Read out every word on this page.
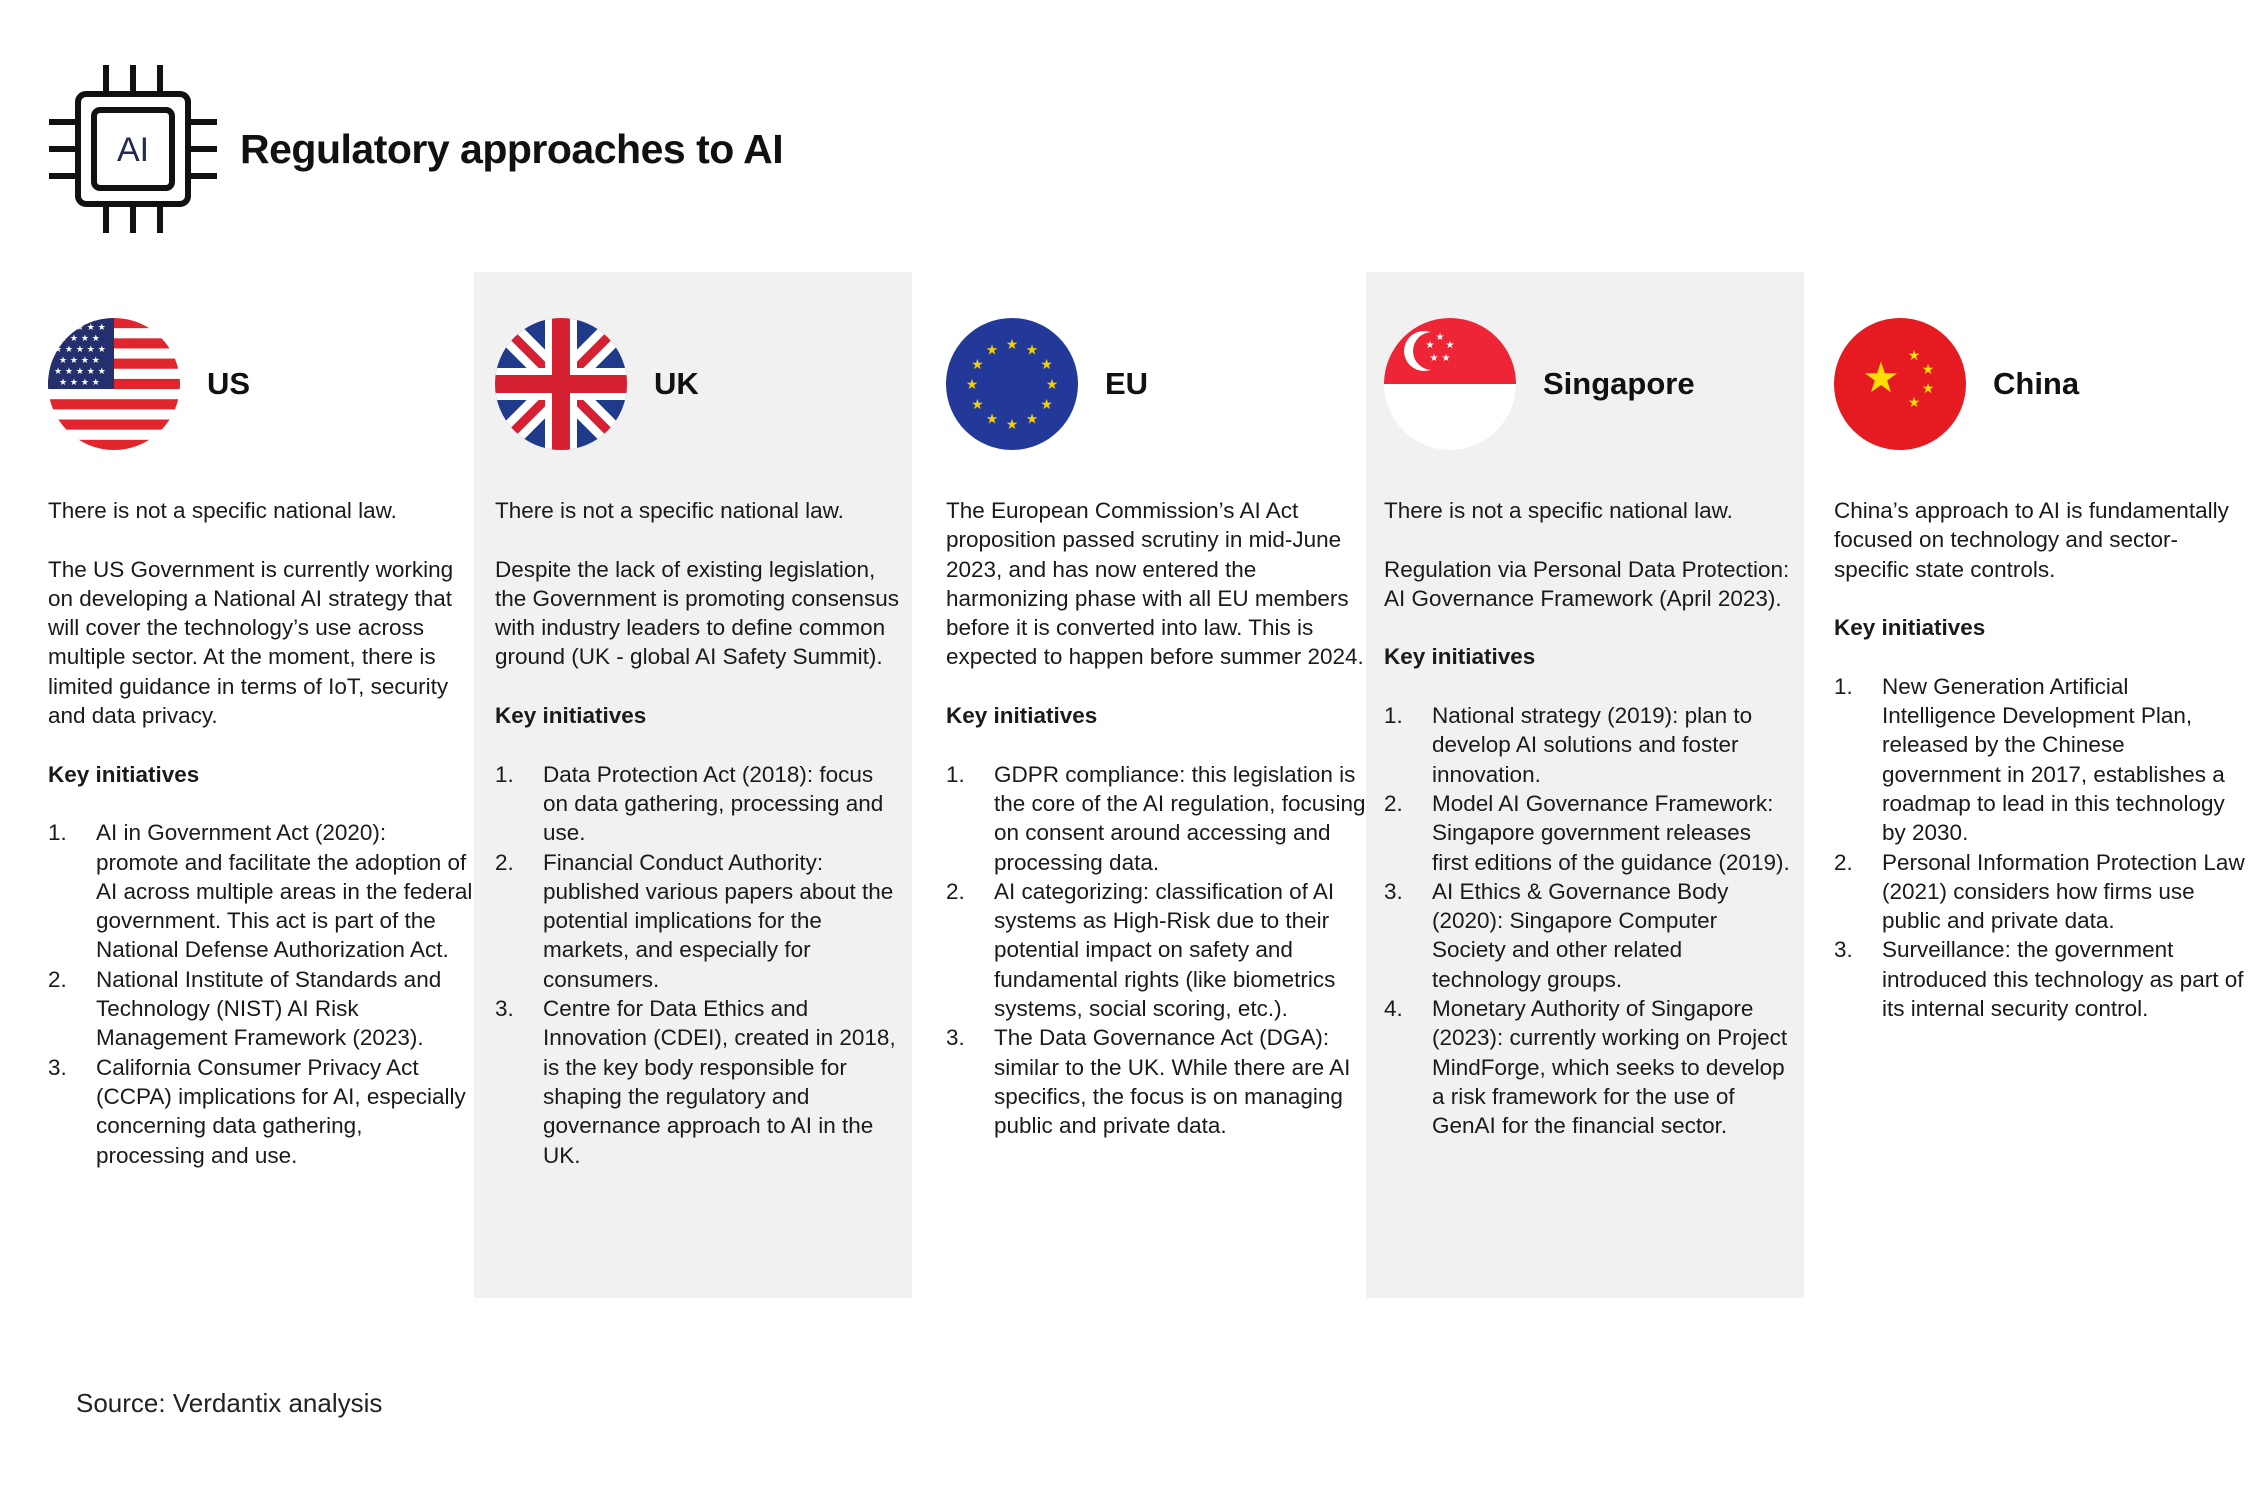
AI Regulatory approaches to AI
★ ★ ★ ★ ★
★ ★ ★ ★
★ ★ ★ ★ ★
★ ★ ★ ★
★ ★ ★ ★ ★
★ ★ ★ ★	US

There is not a specific national law.

The US Government is currently working on developing a National AI strategy that will cover the technology’s use across multiple sector. At the moment, there is limited guidance in terms of IoT, security and data privacy.

Key initiatives
1. AI in Government Act (2020): promote and facilitate the adoption of AI across multiple areas in the federal government. This act is part of the National Defense Authorization Act.
2. National Institute of Standards and Technology (NIST) AI Risk Management Framework (2023).
3. California Consumer Privacy Act (CCPA) implications for AI, especially concerning data gathering, processing and use.
UK

There is not a specific national law.

Despite the lack of existing legislation, the Government is promoting consensus with industry leaders to define common ground (UK - global AI Safety Summit).

Key initiatives
1. Data Protection Act (2018): focus on data gathering, processing and use.
2. Financial Conduct Authority: published various papers about the potential implications for the markets, and especially for consumers.
3. Centre for Data Ethics and Innovation (CDEI), created in 2018, is the key body responsible for shaping the regulatory and governance approach to AI in the UK.
★ ★
★
★
★
★
★
★
★
★
★
★
EU

The European Commission’s AI Act proposition passed scrutiny in mid-June 2023, and has now entered the harmonizing phase with all EU members before it is converted into law. This is expected to happen before summer 2024.

Key initiatives
1. GDPR compliance: this legislation is the core of the AI regulation, focusing on consent around accessing and processing data.
2. AI categorizing: classification of AI systems as High-Risk due to their potential impact on safety and fundamental rights (like biometrics systems, social scoring, etc.).
3. The Data Governance Act (DGA): similar to the UK. While there are AI specifics, the focus is on managing public and private data.
★
★ ★
★ ★
Singapore

There is not a specific national law.

Regulation via Personal Data Protection: AI Governance Framework (April 2023).

Key initiatives
1. National strategy (2019): plan to develop AI solutions and foster innovation.
2. Model AI Governance Framework: Singapore government releases first editions of the guidance (2019).
3. AI Ethics & Governance Body (2020): Singapore Computer Society and other related technology groups.
4. Monetary Authority of Singapore (2023): currently working on Project MindForge, which seeks to develop a risk framework for the use of GenAI for the financial sector.
★ ★
★
★
★
China

China’s approach to AI is fundamentally focused on technology and sector-specific state controls.

Key initiatives
1. New Generation Artificial Intelligence Development Plan, released by the Chinese government in 2017, establishes a roadmap to lead in this technology by 2030.
2. Personal Information Protection Law (2021) considers how firms use public and private data.
3. Surveillance: the government introduced this technology as part of its internal security control.
Source: Verdantix analysis
